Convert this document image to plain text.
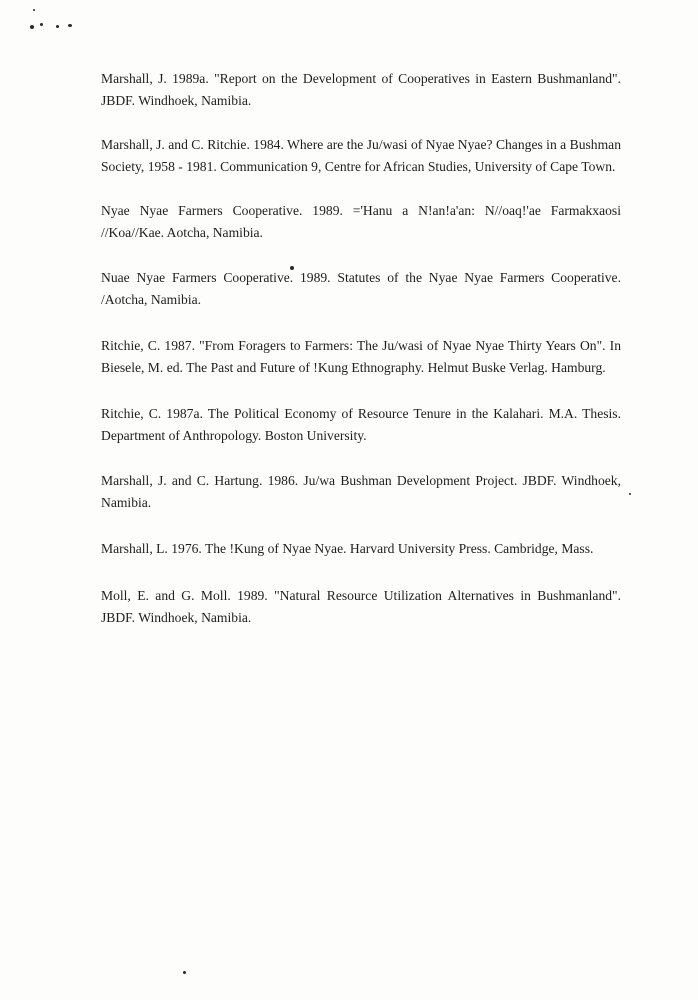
Marshall, J. 1989a. "Report on the Development of Cooperatives in Eastern Bushmanland". JBDF. Windhoek, Namibia.

Marshall, J. and C. Ritchie. 1984. Where are the Ju/wasi of Nyae Nyae? Changes in a Bushman Society, 1958 - 1981. Communication 9, Centre for African Studies, University of Cape Town.

Nyae Nyae Farmers Cooperative. 1989. ='Hanu a N!an!a'an: N//oaq!'ae Farmakxaosi //Koa//Kae. Aotcha, Namibia.

Nuae Nyae Farmers Cooperative. 1989. Statutes of the Nyae Nyae Farmers Cooperative. /Aotcha, Namibia.

Ritchie, C. 1987. "From Foragers to Farmers: The Ju/wasi of Nyae Nyae Thirty Years On". In Biesele, M. ed. The Past and Future of !Kung Ethnography. Helmut Buske Verlag. Hamburg.

Ritchie, C. 1987a. The Political Economy of Resource Tenure in the Kalahari. M.A. Thesis. Department of Anthropology. Boston University.

Marshall, J. and C. Hartung. 1986. Ju/wa Bushman Development Project. JBDF. Windhoek, Namibia.

Marshall, L. 1976. The !Kung of Nyae Nyae. Harvard University Press. Cambridge, Mass.

Moll, E. and G. Moll. 1989. "Natural Resource Utilization Alternatives in Bushmanland". JBDF. Windhoek, Namibia.
